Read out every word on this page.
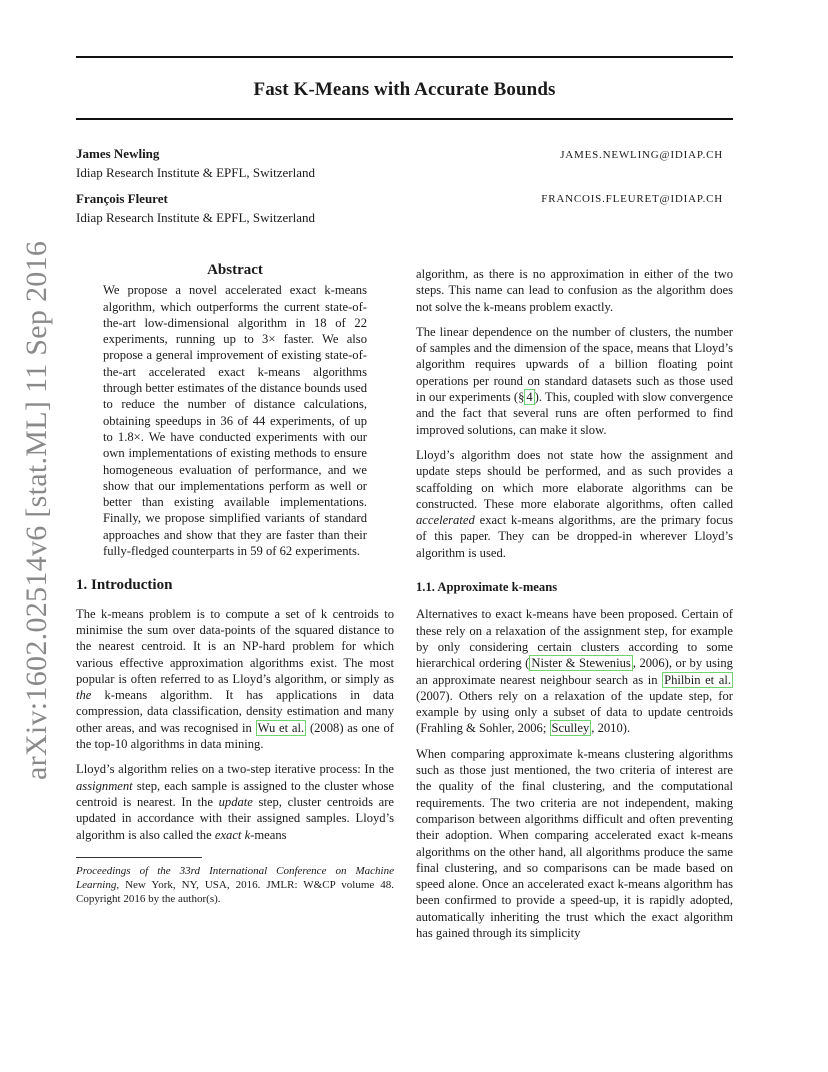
Fast K-Means with Accurate Bounds
James Newling
Idiap Research Institute & EPFL, Switzerland
JAMES.NEWLING@IDIAP.CH
François Fleuret
Idiap Research Institute & EPFL, Switzerland
FRANCOIS.FLEURET@IDIAP.CH
arXiv:1602.02514v6 [stat.ML] 11 Sep 2016	Abstract

We propose a novel accelerated exact k-means algorithm, which outperforms the current state-of-the-art low-dimensional algorithm in 18 of 22 experiments, running up to 3× faster. We also propose a general improvement of existing state-of-the-art accelerated exact k-means algorithms through better estimates of the distance bounds used to reduce the number of distance calculations, obtaining speedups in 36 of 44 experiments, of up to 1.8×. We have conducted experiments with our own implementations of existing methods to ensure homogeneous evaluation of performance, and we show that our implementations perform as well or better than existing available implementations. Finally, we propose simplified variants of standard approaches and show that they are faster than their fully-fledged counterparts in 59 of 62 experiments.

1. Introduction

The k-means problem is to compute a set of k centroids to minimise the sum over data-points of the squared distance to the nearest centroid. It is an NP-hard problem for which various effective approximation algorithms exist. The most popular is often referred to as Lloyd’s algorithm, or simply as the k-means algorithm. It has applications in data compression, data classification, density estimation and many other areas, and was recognised in Wu et al. (2008) as one of the top-10 algorithms in data mining.

Lloyd’s algorithm relies on a two-step iterative process: In the assignment step, each sample is assigned to the cluster whose centroid is nearest. In the update step, cluster centroids are updated in accordance with their assigned samples. Lloyd’s algorithm is also called the exact k-means

Proceedings of the 33rd International Conference on Machine Learning, New York, NY, USA, 2016. JMLR: W&CP volume 48. Copyright 2016 by the author(s).

algorithm, as there is no approximation in either of the two steps. This name can lead to confusion as the algorithm does not solve the k-means problem exactly.

The linear dependence on the number of clusters, the number of samples and the dimension of the space, means that Lloyd’s algorithm requires upwards of a billion floating point operations per round on standard datasets such as those used in our experiments (§ 4 ). This, coupled with slow convergence and the fact that several runs are often performed to find improved solutions, can make it slow.

Lloyd’s algorithm does not state how the assignment and update steps should be performed, and as such provides a scaffolding on which more elaborate algorithms can be constructed. These more elaborate algorithms, often called accelerated exact k-means algorithms, are the primary focus of this paper. They can be dropped-in wherever Lloyd’s algorithm is used.

1.1. Approximate k-means

Alternatives to exact k-means have been proposed. Certain of these rely on a relaxation of the assignment step, for example by only considering certain clusters according to some hierarchical ordering ( Nister & Stewenius , 2006), or by using an approximate nearest neighbour search as in Philbin et al. (2007). Others rely on a relaxation of the update step, for example by using only a subset of data to update centroids (Frahling & Sohler, 2006; Sculley , 2010).

When comparing approximate k-means clustering algorithms such as those just mentioned, the two criteria of interest are the quality of the final clustering, and the computational requirements. The two criteria are not independent, making comparison between algorithms difficult and often preventing their adoption. When comparing accelerated exact k-means algorithms on the other hand, all algorithms produce the same final clustering, and so comparisons can be made based on speed alone. Once an accelerated exact k-means algorithm has been confirmed to provide a speed-up, it is rapidly adopted, automatically inheriting the trust which the exact algorithm has gained through its simplicity
